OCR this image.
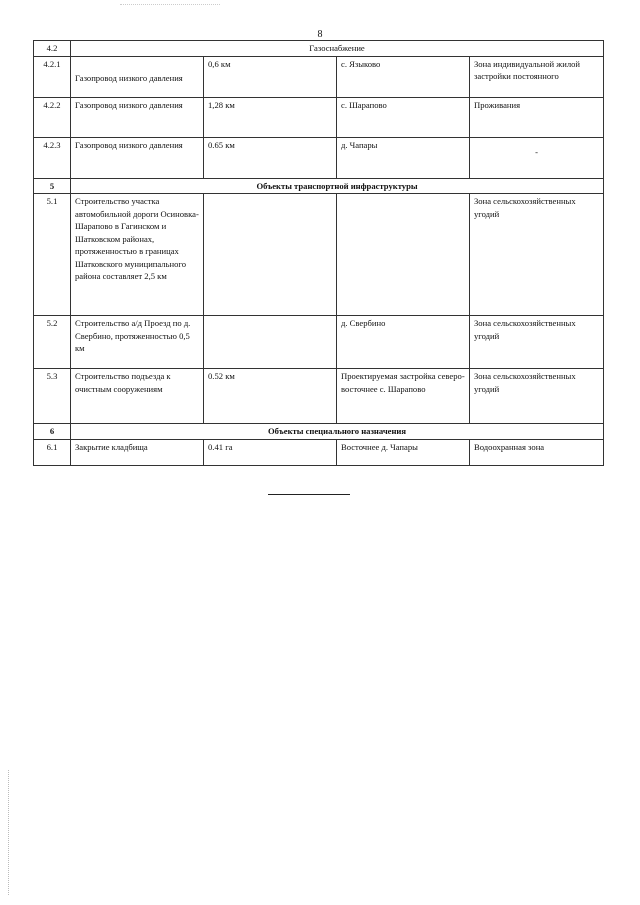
8
4.2	Газоснабжение			
4.2.1	Газопровод низкого давления	0,6 км	с. Языково	Зона индивидуальной жилой застройки постоянного
4.2.2	Газопровод низкого давления	1,28 км	с. Шарапово	Проживания
4.2.3	Газопровод низкого давления	0.65 км	д. Чапары	-
5	Объекты транспортной инфраструктуры			
5.1	Строительство участка автомобильной дороги Осиновка-Шарапово в Гагинском и Шатковском районах, протяженностью в границах Шатковского муниципального района составляет 2,5 км			Зона сельскохозяйственных угодий
5.2	Строительство а/д Проезд по д. Свербино, протяженностью 0,5 км		д. Свербино	Зона сельскохозяйственных угодий
5.3	Строительство подъезда к очистным сооружениям	0.52 км	Проектируемая застройка северо-восточнее с. Шарапово	Зона сельскохозяйственных угодий
6	Объекты специального назначения			
6.1	Закрытие кладбища	0.41 га	Восточнее д. Чапары	Водоохранная зона
